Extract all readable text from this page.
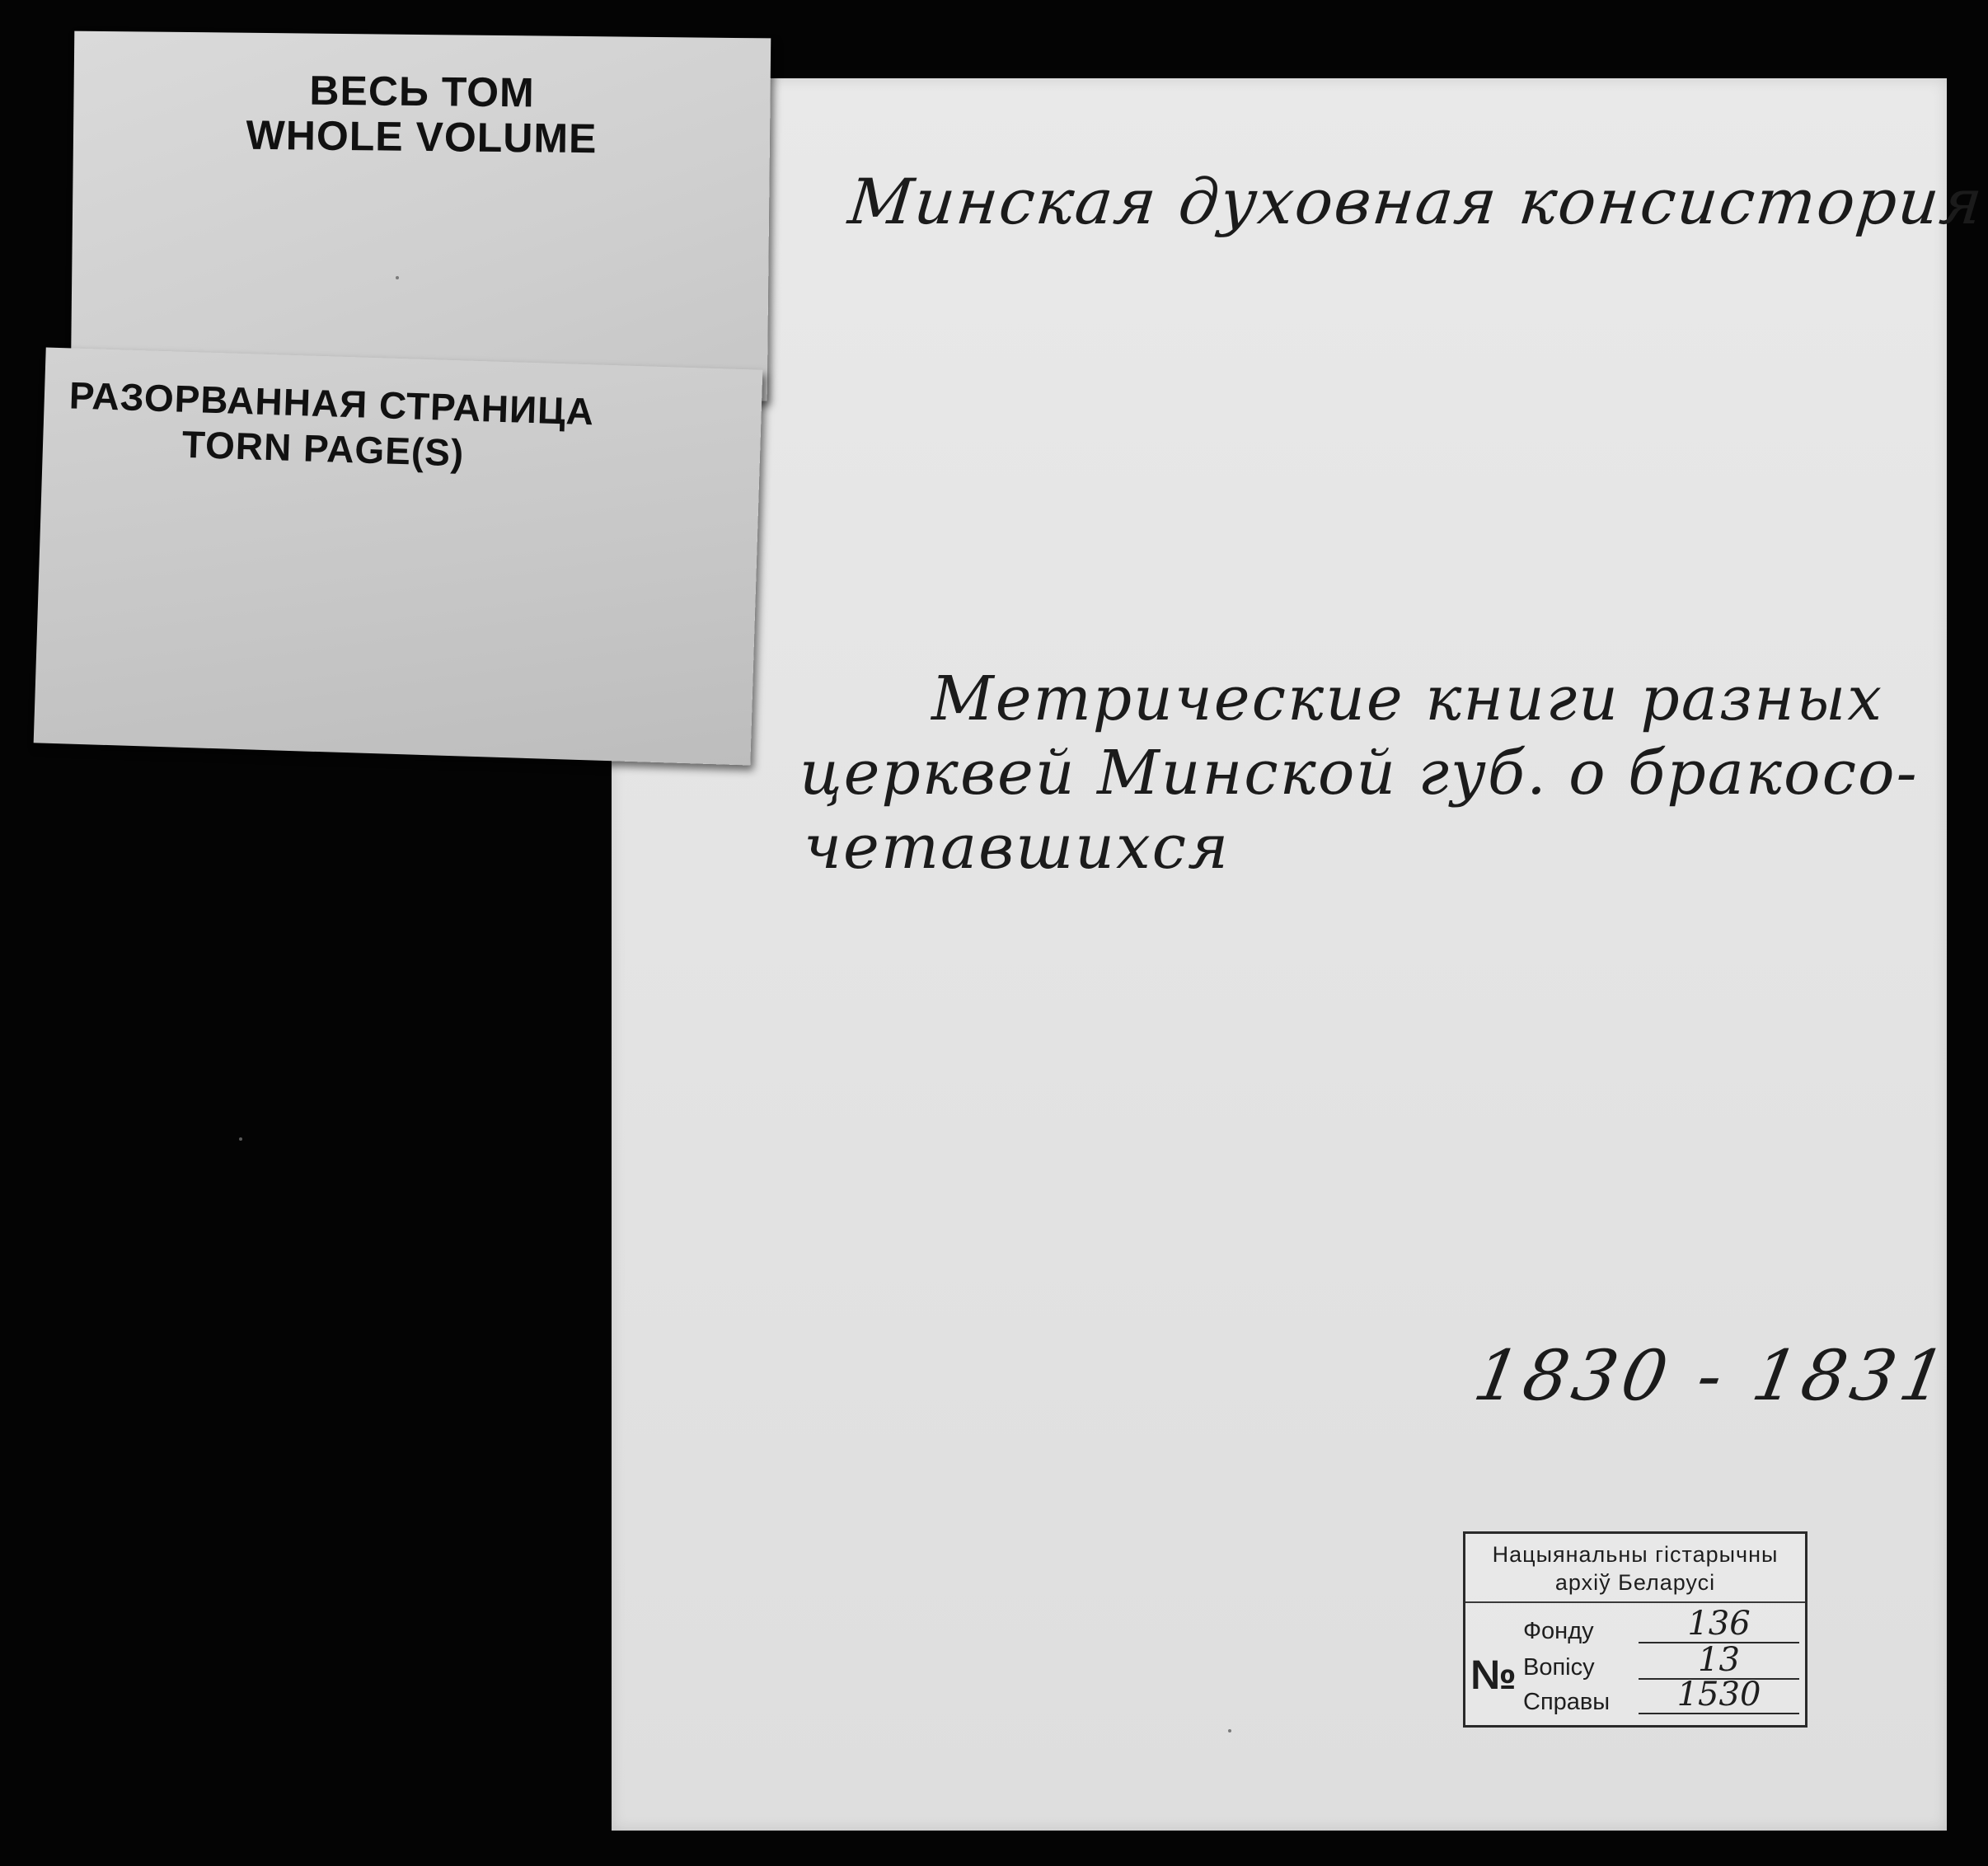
Минская духовная консистория
Метрические книги разных
церквей Минской губ. о бракосо-
четавшихся
1830 - 1831
Нацыянальны гістарычны
архіў Беларусі
№
Фонду	136
Вопісу	13
Справы	1530
ВЕСЬ ТОМ
WHOLE VOLUME
РАЗОРВАННАЯ СТРАНИЦА
TORN PAGE(S)
